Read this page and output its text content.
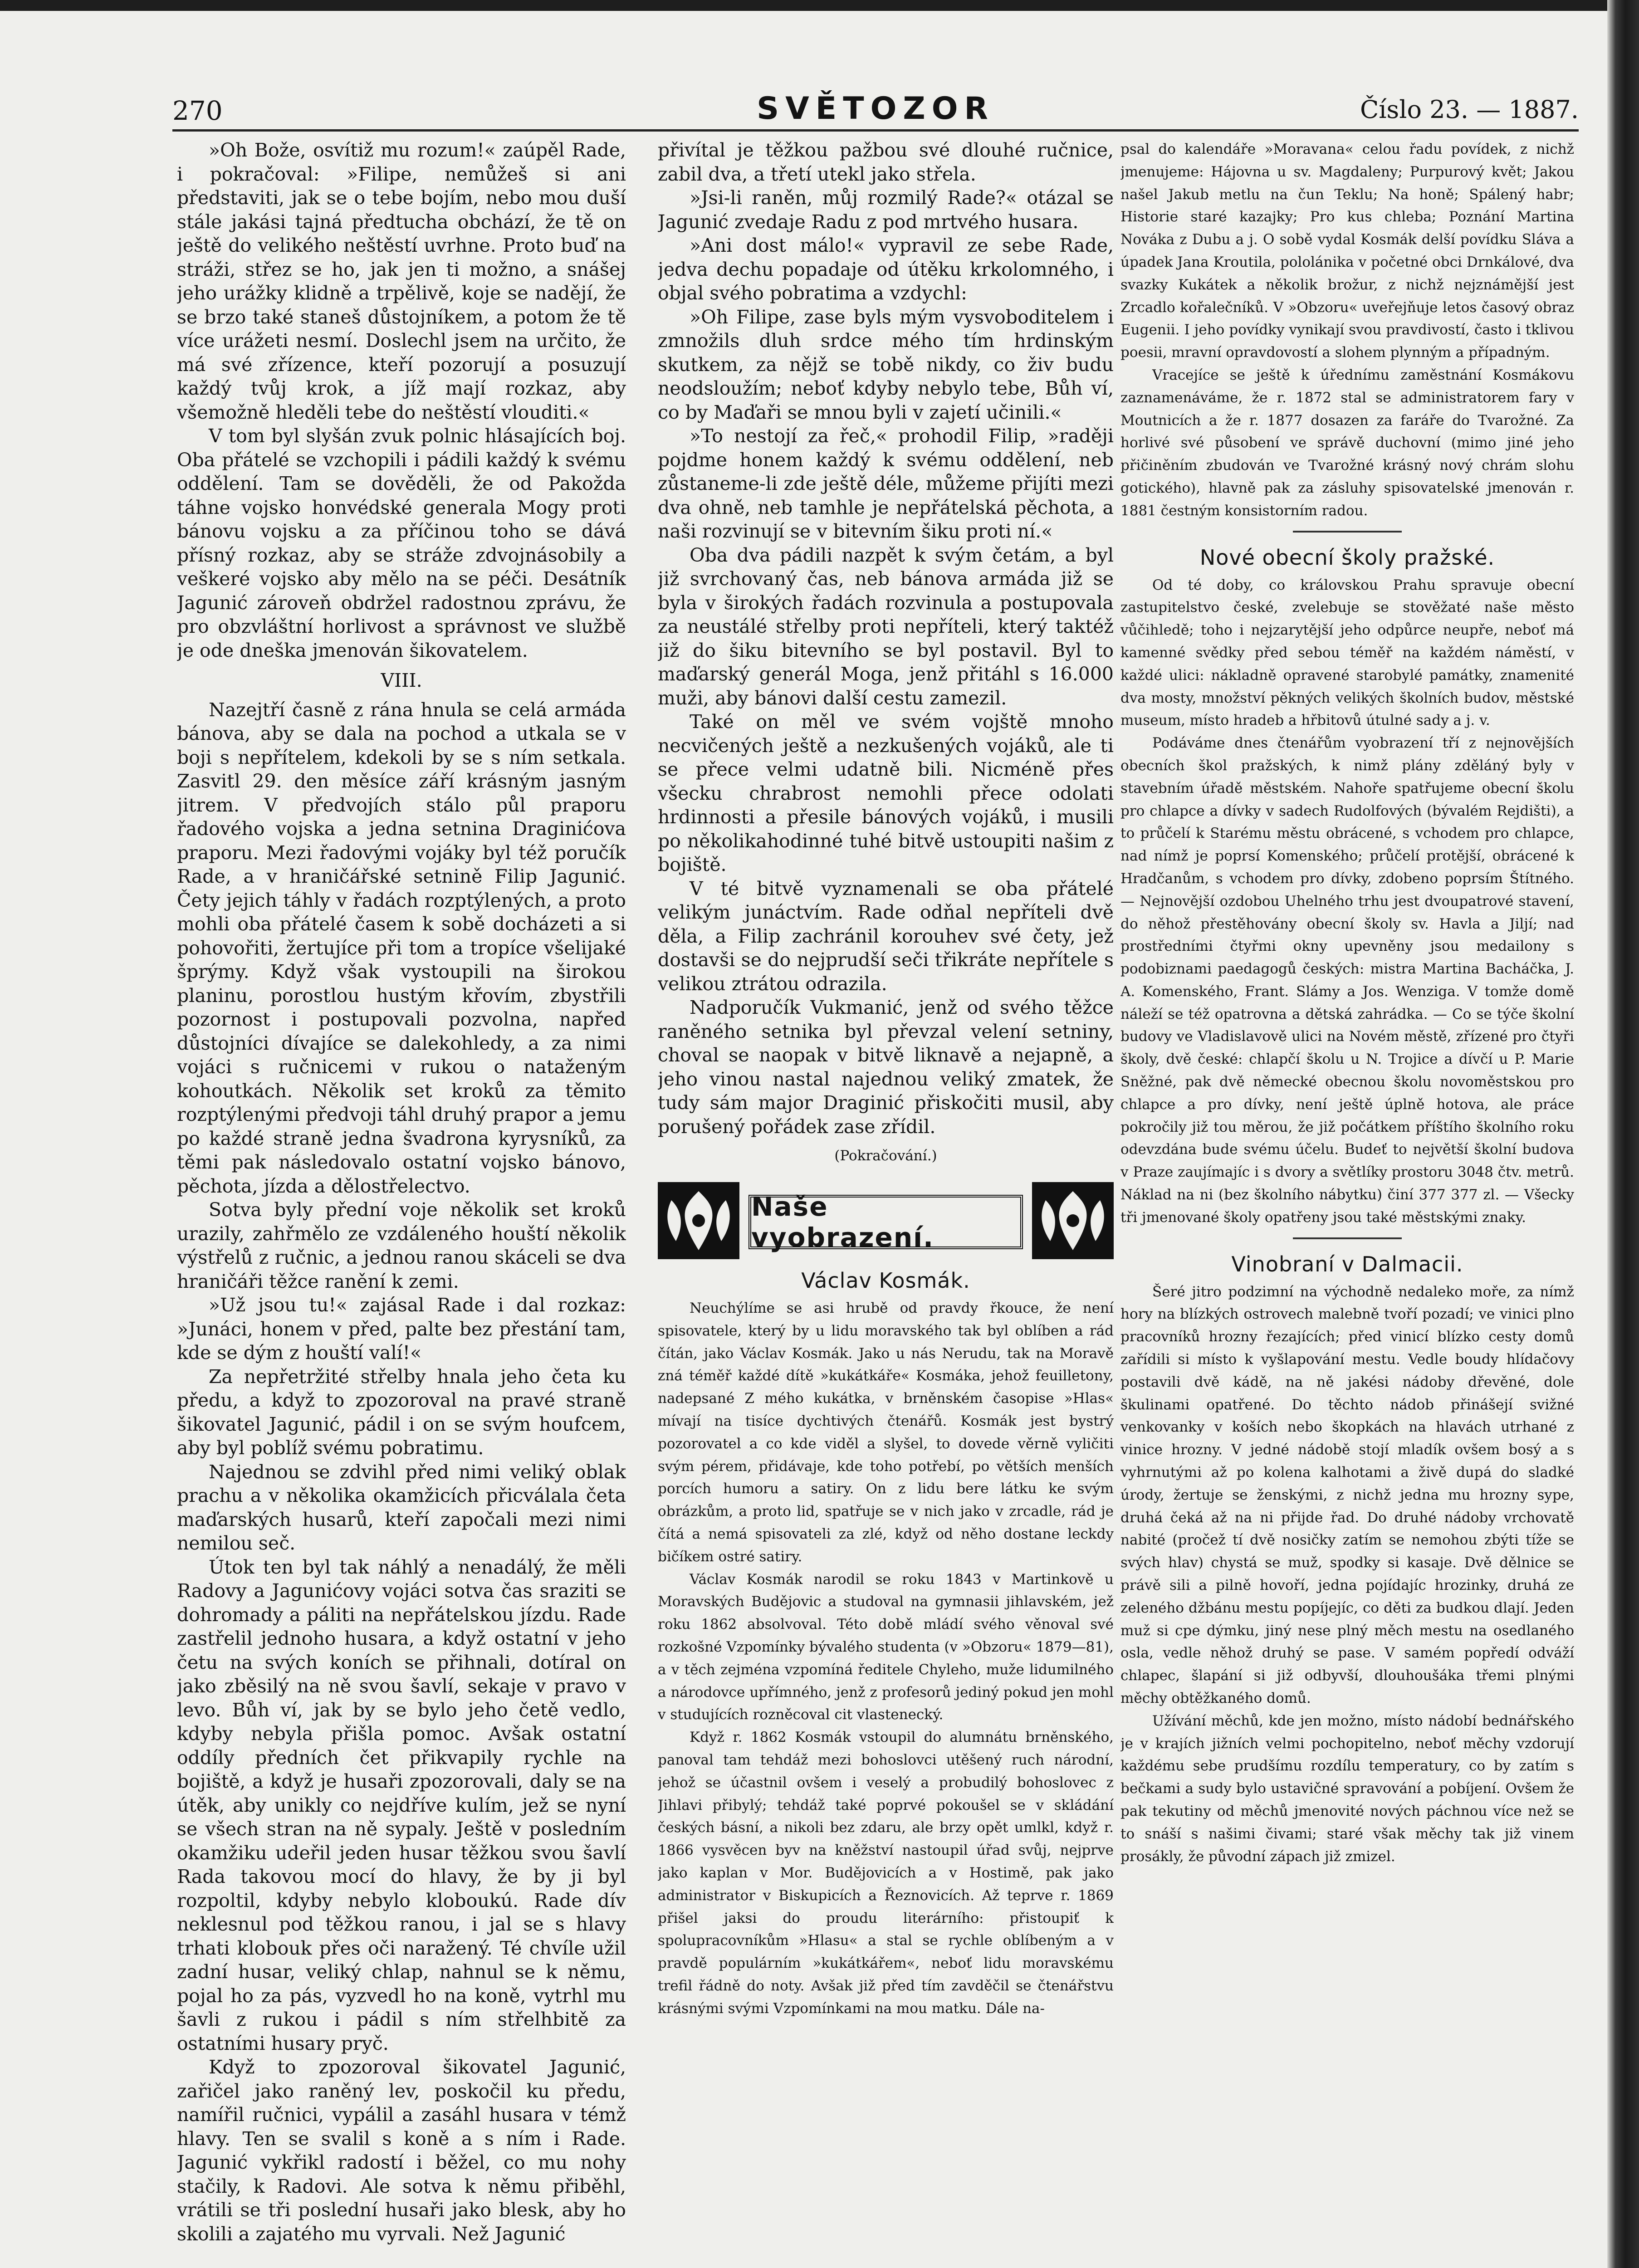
270	SVĚTOZOR	Číslo 23. — 1887.

»Oh Bože, osvítiž mu rozum!« zaúpěl Rade, i pokračoval: »Filipe, nemůžeš si ani představiti, jak se o tebe bojím, nebo mou duší stále jakási tajná předtucha obchází, že tě on ještě do velikého neštěstí uvrhne. Proto buď na stráži, střez se ho, jak jen ti možno, a snášej jeho urážky klidně a trpělivě, koje se nadějí, že se brzo také staneš důstojníkem, a potom že tě více urážeti nesmí. Doslechl jsem na určito, že má své zřízence, kteří pozorují a posuzují každý tvůj krok, a jíž mají rozkaz, aby všemožně hleděli tebe do neštěstí vlouditi.«

V tom byl slyšán zvuk polnic hlásajících boj. Oba přátelé se vzchopili i pádili každý k svému oddělení. Tam se dověděli, že od Pakožda táhne vojsko honvédské generala Mogy proti bánovu vojsku a za příčinou toho se dává přísný rozkaz, aby se stráže zdvojnásobily a veškeré vojsko aby mělo na se péči. Desátník Jagunić zároveň obdržel radostnou zprávu, že pro obzvláštní horlivost a správnost ve službě je ode dneška jmenován šikovatelem.

VIII.

Nazejtří časně z rána hnula se celá armáda bánova, aby se dala na pochod a utkala se v boji s nepřítelem, kdekoli by se s ním setkala. Zasvitl 29. den měsíce září krásným jasným jitrem. V předvojích stálo půl praporu řadového vojska a jedna setnina Draginićova praporu. Mezi řadovými vojáky byl též poručík Rade, a v hraničářské setnině Filip Jagunić. Čety jejich táhly v řadách rozptýlených, a proto mohli oba přátelé časem k sobě docházeti a si pohovořiti, žertujíce při tom a tropíce všelijaké šprýmy. Když však vystoupili na širokou planinu, porostlou hustým křovím, zbystřili pozornost i postupovali pozvolna, napřed důstojníci dívajíce se dalekohledy, a za nimi vojáci s ručnicemi v rukou o nataženým kohoutkách. Několik set kroků za těmito rozptýlenými předvoji táhl druhý prapor a jemu po každé straně jedna švadrona kyrysníků, za těmi pak následovalo ostatní vojsko bánovo, pěchota, jízda a dělostřelectvo.

Sotva byly přední voje několik set kroků urazily, zahřmělo ze vzdáleného houští několik výstřelů z ručnic, a jednou ranou skáceli se dva hraničáři těžce ranění k zemi.

»Už jsou tu!« zajásal Rade i dal rozkaz: »Junáci, honem v před, palte bez přestání tam, kde se dým z houští valí!«

Za nepřetržité střelby hnala jeho četa ku předu, a když to zpozoroval na pravé straně šikovatel Jagunić, pádil i on se svým houfcem, aby byl poblíž svému pobratimu.

Najednou se zdvihl před nimi veliký oblak prachu a v několika okamžicích přicválala četa maďarských husarů, kteří započali mezi nimi nemilou seč.

Útok ten byl tak náhlý a nenadálý, že měli Radovy a Jagunićovy vojáci sotva čas sraziti se dohromady a páliti na nepřátelskou jízdu. Rade zastřelil jednoho husara, a když ostatní v jeho četu na svých koních se přihnali, dotíral on jako zběsilý na ně svou šavlí, sekaje v pravo v levo. Bůh ví, jak by se bylo jeho četě vedlo, kdyby nebyla přišla pomoc. Avšak ostatní oddíly předních čet přikvapily rychle na bojiště, a když je husaři zpozorovali, daly se na útěk, aby unikly co nejdříve kulím, jež se nyní se všech stran na ně sypaly. Ještě v posledním okamžiku udeřil jeden husar těžkou svou šavlí Rada takovou mocí do hlavy, že by ji byl rozpoltil, kdyby nebylo kloboukú. Rade dív neklesnul pod těžkou ranou, i jal se s hlavy trhati klobouk přes oči naražený. Té chvíle užil zadní husar, veliký chlap, nahnul se k němu, pojal ho za pás, vyzvedl ho na koně, vytrhl mu šavli z rukou i pádil s ním střelhbitě za ostatními husary pryč.

Když to zpozoroval šikovatel Jagunić, zařičel jako raněný lev, poskočil ku předu, namířil ručnici, vypálil a zasáhl husara v témž hlavy. Ten se svalil s koně a s ním i Rade. Jagunić vykřikl radostí i běžel, co mu nohy stačily, k Radovi. Ale sotva k němu přiběhl, vrátili se tři poslední husaři jako blesk, aby ho skolili a zajatého mu vyrvali. Než Jagunić

přivítal je těžkou pažbou své dlouhé ručnice, zabil dva, a třetí utekl jako střela.

»Jsi-li raněn, můj rozmilý Rade?« otázal se Jagunić zvedaje Radu z pod mrtvého husara.

»Ani dost málo!« vypravil ze sebe Rade, jedva dechu popadaje od útěku krkolomného, i objal svého pobratima a vzdychl:

»Oh Filipe, zase byls mým vysvoboditelem i zmnožils dluh srdce mého tím hrdinským skutkem, za nějž se tobě nikdy, co živ budu neodsloužím; neboť kdyby nebylo tebe, Bůh ví, co by Maďaři se mnou byli v zajetí učinili.«

»To nestojí za řeč,« prohodil Filip, »raději pojdme honem každý k svému oddělení, neb zůstaneme-li zde ještě déle, můžeme přijíti mezi dva ohně, neb tamhle je nepřátelská pěchota, a naši rozvinují se v bitevním šiku proti ní.«

Oba dva pádili nazpět k svým četám, a byl již svrchovaný čas, neb bánova armáda již se byla v širokých řadách rozvinula a postupovala za neustálé střelby proti nepříteli, který taktéž již do šiku bitevního se byl postavil. Byl to maďarský generál Moga, jenž přitáhl s 16.000 muži, aby bánovi další cestu zamezil.

Také on měl ve svém vojště mnoho necvičených ještě a nezkušených vojáků, ale ti se přece velmi udatně bili. Nicméně přes všecku chrabrost nemohli přece odolati hrdinnosti a přesile bánových vojáků, i musili po několikahodinné tuhé bitvě ustoupiti našim z bojiště.

V té bitvě vyznamenali se oba přátelé velikým junáctvím. Rade odňal nepříteli dvě děla, a Filip zachránil korouhev své čety, jež dostavši se do nejprudší seči třikráte nepřítele s velikou ztrátou odrazila.

Nadporučík Vukmanić, jenž od svého těžce raněného setnika byl převzal velení setniny, choval se naopak v bitvě liknavě a nejapně, a jeho vinou nastal najednou veliký zmatek, že tudy sám major Draginić přiskočiti musil, aby porušený pořádek zase zřídil.

(Pokračování.)
Naše vyobrazení.
Václav Kosmák.

Neuchýlíme se asi hrubě od pravdy řkouce, že není spisovatele, který by u lidu moravského tak byl oblíben a rád čítán, jako Václav Kosmák. Jako u nás Nerudu, tak na Moravě zná téměř každé dítě »kukátkáře« Kosmáka, jehož feuilletony, nadepsané Z mého kukátka, v brněnském časopise »Hlas« mívají na tisíce dychtivých čtenářů. Kosmák jest bystrý pozorovatel a co kde viděl a slyšel, to dovede věrně vyličiti svým pérem, přidávaje, kde toho potřebí, po větších menších porcích humoru a satiry. On z lidu bere látku ke svým obrázkům, a proto lid, spatřuje se v nich jako v zrcadle, rád je čítá a nemá spisovateli za zlé, když od něho dostane leckdy bičíkem ostré satiry.

Václav Kosmák narodil se roku 1843 v Martinkově u Moravských Budějovic a studoval na gymnasii jihlavském, jež roku 1862 absolvoval. Této době mládí svého věnoval své rozkošné Vzpomínky bývalého studenta (v »Obzoru« 1879—81), a v těch zejména vzpomíná ředitele Chyleho, muže lidumilného a národovce upřímného, jenž z profesorů jediný pokud jen mohl v studujících rozněcoval cit vlastenecký.

Když r. 1862 Kosmák vstoupil do alumnátu brněnského, panoval tam tehdáž mezi bohoslovci utěšený ruch národní, jehož se účastnil ovšem i veselý a probudilý bohoslovec z Jihlavi přibylý; tehdáž také poprvé pokoušel se v skládání českých básní, a nikoli bez zdaru, ale brzy opět umlkl, když r. 1866 vysvěcen byv na kněžství nastoupil úřad svůj, nejprve jako kaplan v Mor. Budějovicích a v Hostimě, pak jako administrator v Biskupicích a Řeznovicích. Až teprve r. 1869 přišel jaksi do proudu literárního: přistoupiť k spolupracovníkům »Hlasu« a stal se rychle oblíbeným a v pravdě populárním »kukátkářem«, neboť lidu moravskému trefil řádně do noty. Avšak již před tím zavděčil se čtenářstvu krásnými svými Vzpomínkami na mou matku. Dále na-

psal do kalendáře »Moravana« celou řadu povídek, z nichž jmenujeme: Hájovna u sv. Magdaleny; Purpurový květ; Jakou našel Jakub metlu na čun Teklu; Na honě; Spálený habr; Historie staré kazajky; Pro kus chleba; Poznání Martina Nováka z Dubu a j. O sobě vydal Kosmák delší povídku Sláva a úpadek Jana Kroutila, pololánika v početné obci Drnkálové, dva svazky Kukátek a několik brožur, z nichž nejznámější jest Zrcadlo kořalečníků. V »Obzoru« uveřejňuje letos časový obraz Eugenii. I jeho povídky vynikají svou pravdivostí, často i tklivou poesii, mravní opravdovostí a slohem plynným a případným.

Vracejíce se ještě k úřednímu zaměstnání Kosmákovu zaznamenáváme, že r. 1872 stal se administratorem fary v Moutnicích a že r. 1877 dosazen za faráře do Tvarožné. Za horlivé své působení ve správě duchovní (mimo jiné jeho přičiněním zbudován ve Tvarožné krásný nový chrám slohu gotického), hlavně pak za zásluhy spisovatelské jmenován r. 1881 čestným konsistorním radou.

Nové obecní školy pražské.

Od té doby, co královskou Prahu spravuje obecní zastupitelstvo české, zvelebuje se stověžaté naše město vůčihledě; toho i nejzarytější jeho odpůrce neupře, neboť má kamenné svědky před sebou téměř na každém náměstí, v každé ulici: nákladně opravené starobylé památky, znamenité dva mosty, množství pěkných velikých školních budov, městské museum, místo hradeb a hřbitovů útulné sady a j. v.

Podáváme dnes čtenářům vyobrazení tří z nejnovějších obecních škol pražských, k nimž plány zděláný byly v stavebním úřadě městském. Nahoře spatřujeme obecní školu pro chlapce a dívky v sadech Rudolfových (bývalém Rejdišti), a to průčelí k Starému městu obrácené, s vchodem pro chlapce, nad nímž je poprsí Komenského; průčelí protější, obrácené k Hradčanům, s vchodem pro dívky, zdobeno poprsím Štítného. — Nejnovější ozdobou Uhelného trhu jest dvoupatrové stavení, do něhož přestěhovány obecní školy sv. Havla a Jiljí; nad prostředními čtyřmi okny upevněny jsou medailony s podobiznami paedagogů českých: mistra Martina Bacháčka, J. A. Komenského, Frant. Slámy a Jos. Wenziga. V tomže domě náleží se též opatrovna a dětská zahrádka. — Co se týče školní budovy ve Vladislavově ulici na Novém městě, zřízené pro čtyři školy, dvě české: chlapčí školu u N. Trojice a dívčí u P. Marie Sněžné, pak dvě německé obecnou školu novoměstskou pro chlapce a pro dívky, není ještě úplně hotova, ale práce pokročily již tou měrou, že již počátkem příštího školního roku odevzdána bude svému účelu. Budeť to největší školní budova v Praze zaujímajíc i s dvory a světlíky prostoru 3048 čtv. metrů. Náklad na ni (bez školního nábytku) činí 377 377 zl. — Všecky tři jmenované školy opatřeny jsou také městskými znaky.

Vinobraní v Dalmacii.

Šeré jitro podzimní na východně nedaleko moře, za nímž hory na blízkých ostrovech malebně tvoří pozadí; ve vinici plno pracovníků hrozny řezajících; před vinicí blízko cesty domů zařídili si místo k vyšlapování mestu. Vedle boudy hlídačovy postavili dvě kádě, na ně jakési nádoby dřevěné, dole škulinami opatřené. Do těchto nádob přinášejí svižné venkovanky v koších nebo škopkách na hlavách utrhané z vinice hrozny. V jedné nádobě stojí mladík ovšem bosý a s vyhrnutými až po kolena kalhotami a živě dupá do sladké úrody, žertuje se ženskými, z nichž jedna mu hrozny sype, druhá čeká až na ni přijde řad. Do druhé nádoby vrchovatě nabité (pročež tí dvě nosičky zatím se nemohou zbýti tíže se svých hlav) chystá se muž, spodky si kasaje. Dvě dělnice se právě sili a pilně hovoří, jedna pojídajíc hrozinky, druhá ze zeleného džbánu mestu popíjejíc, co děti za budkou dlají. Jeden muž si cpe dýmku, jiný nese plný měch mestu na osedlaného osla, vedle něhož druhý se pase. V samém popředí odváží chlapec, šlapání si již odbyvší, dlouhoušáka třemi plnými měchy obtěžkaného domů.

Užívání měchů, kde jen možno, místo nádobí bednářského je v krajích jižních velmi pochopitelno, neboť měchy vzdorují každému sebe prudšímu rozdílu temperatury, co by zatím s bečkami a sudy bylo ustavičné spravování a pobíjení. Ovšem že pak tekutiny od měchů jmenovité nových páchnou více než se to snáší s našimi čivami; staré však měchy tak již vinem prosákly, že původní zápach již zmizel.
